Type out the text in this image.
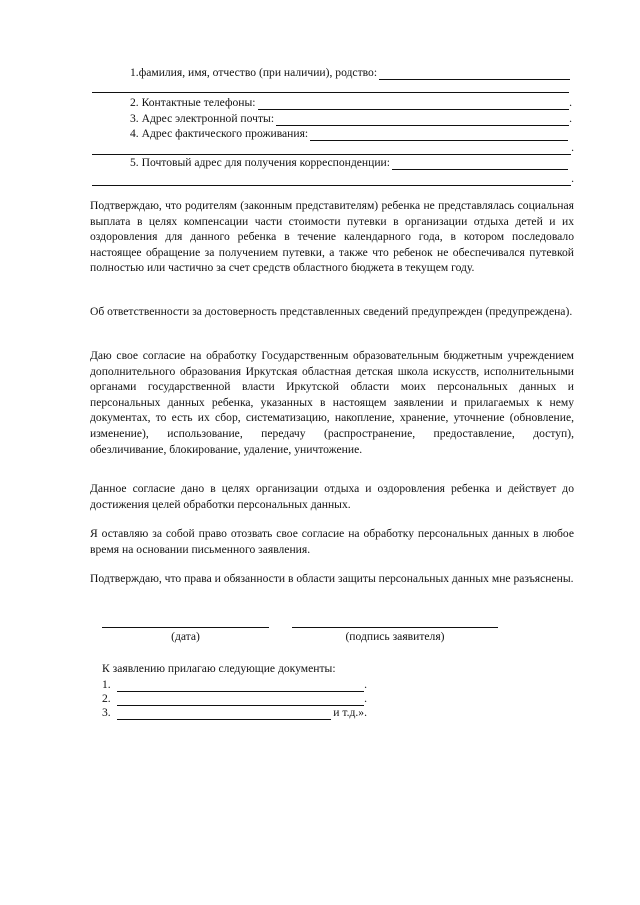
1.фамилия, имя, отчество (при наличии), родство:
2. Контактные телефоны:	.
3. Адрес электронной почты:	.
4. Адрес фактического проживания:
.
5. Почтовый адрес для получения корреспонденции:
.
Подтверждаю, что родителям (законным представителям) ребенка не представлялась социальная выплата в целях компенсации части стоимости путевки в организации отдыха детей и их оздоровления для данного ребенка в течение календарного года, в котором последовало настоящее обращение за получением путевки, а также что ребенок не обеспечивался путевкой полностью или частично за счет средств областного бюджета в текущем году.
Об ответственности за достоверность представленных сведений предупрежден (предупреждена).
Даю свое согласие на обработку Государственным образовательным бюджетным учреждением дополнительного образования Иркутская областная детская школа искусств, исполнительными органами государственной власти Иркутской области моих персональных данных и персональных данных ребенка, указанных в настоящем заявлении и прилагаемых к нему документах, то есть их сбор, систематизацию, накопление, хранение, уточнение (обновление, изменение), использование, передачу (распространение, предоставление, доступ), обезличивание, блокирование, удаление, уничтожение.
Данное согласие дано в целях организации отдыха и оздоровления ребенка и действует до достижения целей обработки персональных данных.
Я оставляю за собой право отозвать свое согласие на обработку персональных данных в любое время на основании письменного заявления.
Подтверждаю, что права и обязанности в области защиты персональных данных мне разъяснены.
(дата)	(подпись заявителя)
К заявлению прилагаю следующие документы:
1.	.
2.	.
3.	и т.д.».
